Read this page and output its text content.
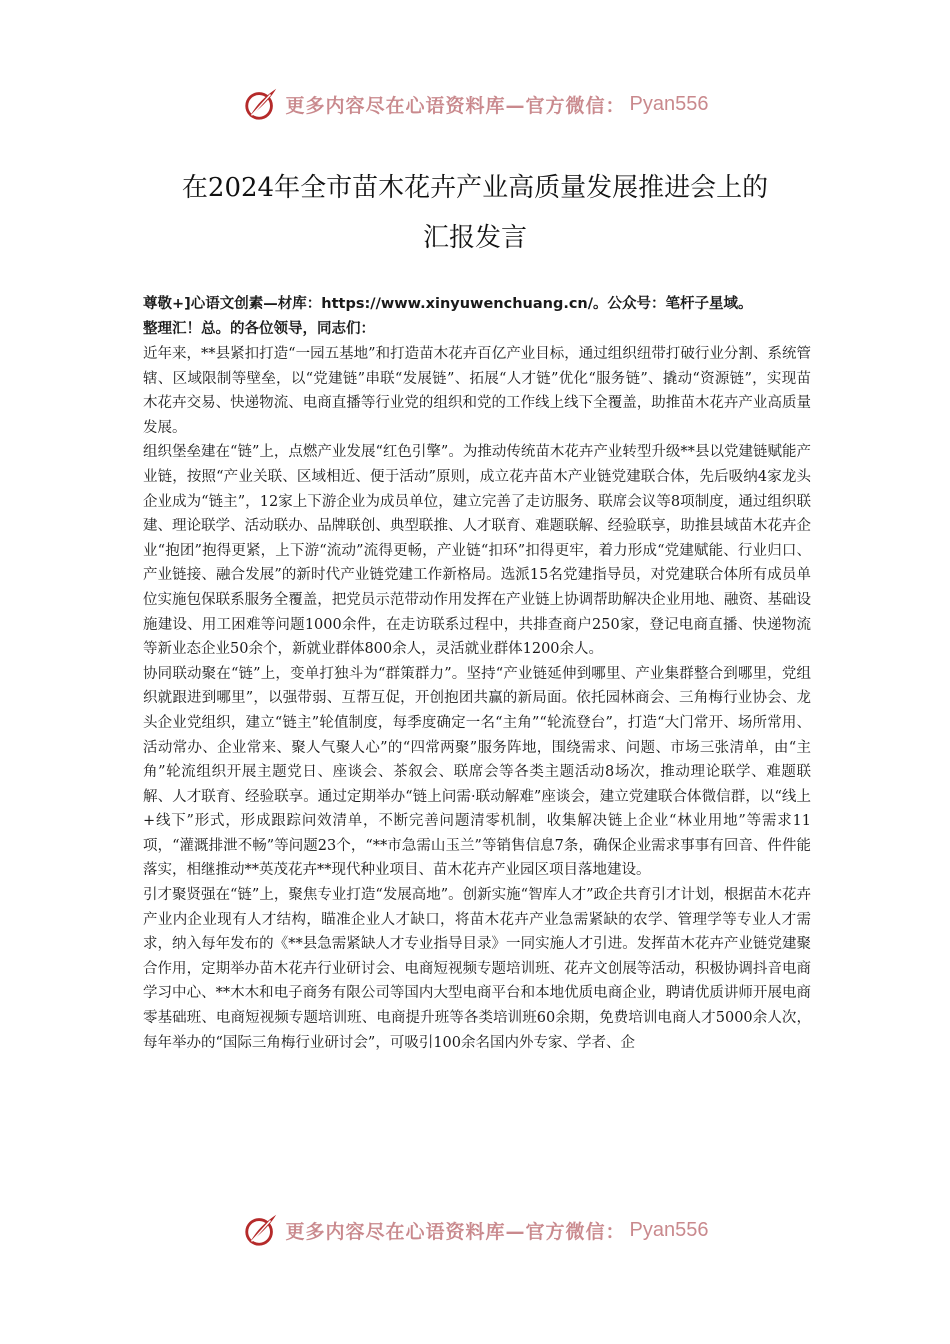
更多内容尽在心语资料库—官方微信： Pyan556
在2024年全市苗木花卉产业高质量发展推进会上的
汇报发言

尊敬+]心语文创素—材库：https://www.xinyuwenchuang.cn/。公众号：笔杆子星域。

整理汇！总。的各位领导，同志们：

近年来，**县紧扣打造“一园五基地”和打造苗木花卉百亿产业目标，通过组织纽带打破行业分割、系统管辖、区域限制等壁垒，以“党建链”串联“发展链”、拓展“人才链”优化“服务链”、撬动“资源链”，实现苗木花卉交易、快递物流、电商直播等行业党的组织和党的工作线上线下全覆盖，助推苗木花卉产业高质量发展。

组织堡垒建在“链”上，点燃产业发展“红色引擎”。为推动传统苗木花卉产业转型升级**县以党建链赋能产业链，按照“产业关联、区域相近、便于活动”原则，成立花卉苗木产业链党建联合体，先后吸纳4家龙头企业成为“链主”，12家上下游企业为成员单位，建立完善了走访服务、联席会议等8项制度，通过组织联建、理论联学、活动联办、品牌联创、典型联推、人才联育、难题联解、经验联享，助推县域苗木花卉企业“抱团”抱得更紧，上下游“流动”流得更畅，产业链“扣环”扣得更牢，着力形成“党建赋能、行业归口、产业链接、融合发展”的新时代产业链党建工作新格局。选派15名党建指导员，对党建联合体所有成员单位实施包保联系服务全覆盖，把党员示范带动作用发挥在产业链上协调帮助解决企业用地、融资、基础设施建设、用工困难等问题1000余件，在走访联系过程中，共排查商户250家，登记电商直播、快递物流等新业态企业50余个，新就业群体800余人，灵活就业群体1200余人。

协同联动聚在“链”上，变单打独斗为“群策群力”。坚持“产业链延伸到哪里、产业集群整合到哪里，党组织就跟进到哪里”，以强带弱、互帮互促，开创抱团共赢的新局面。依托园林商会、三角梅行业协会、龙头企业党组织，建立“链主”轮值制度，每季度确定一名“主角”“轮流登台”，打造“大门常开、场所常用、活动常办、企业常来、聚人气聚人心”的“四常两聚”服务阵地，围绕需求、问题、市场三张清单，由“主角”轮流组织开展主题党日、座谈会、茶叙会、联席会等各类主题活动8场次，推动理论联学、难题联解、人才联育、经验联享。通过定期举办“链上问需·联动解难”座谈会，建立党建联合体微信群，以“线上+线下”形式，形成跟踪问效清单，不断完善问题清零机制，收集解决链上企业“林业用地”等需求11项，“灌溉排泄不畅”等问题23个，“**市急需山玉兰”等销售信息7条，确保企业需求事事有回音、件件能落实，相继推动**英茂花卉**现代种业项目、苗木花卉产业园区项目落地建设。

引才聚贤强在“链”上，聚焦专业打造“发展高地”。创新实施“智库人才”政企共育引才计划，根据苗木花卉产业内企业现有人才结构，瞄准企业人才缺口，将苗木花卉产业急需紧缺的农学、管理学等专业人才需求，纳入每年发布的《**县急需紧缺人才专业指导目录》一同实施人才引进。发挥苗木花卉产业链党建聚合作用，定期举办苗木花卉行业研讨会、电商短视频专题培训班、花卉文创展等活动，积极协调抖音电商学习中心、**木木和电子商务有限公司等国内大型电商平台和本地优质电商企业，聘请优质讲师开展电商零基础班、电商短视频专题培训班、电商提升班等各类培训班60余期，免费培训电商人才5000余人次，每年举办的“国际三角梅行业研讨会”，可吸引100余名国内外专家、学者、企

更多内容尽在心语资料库—官方微信： Pyan556
